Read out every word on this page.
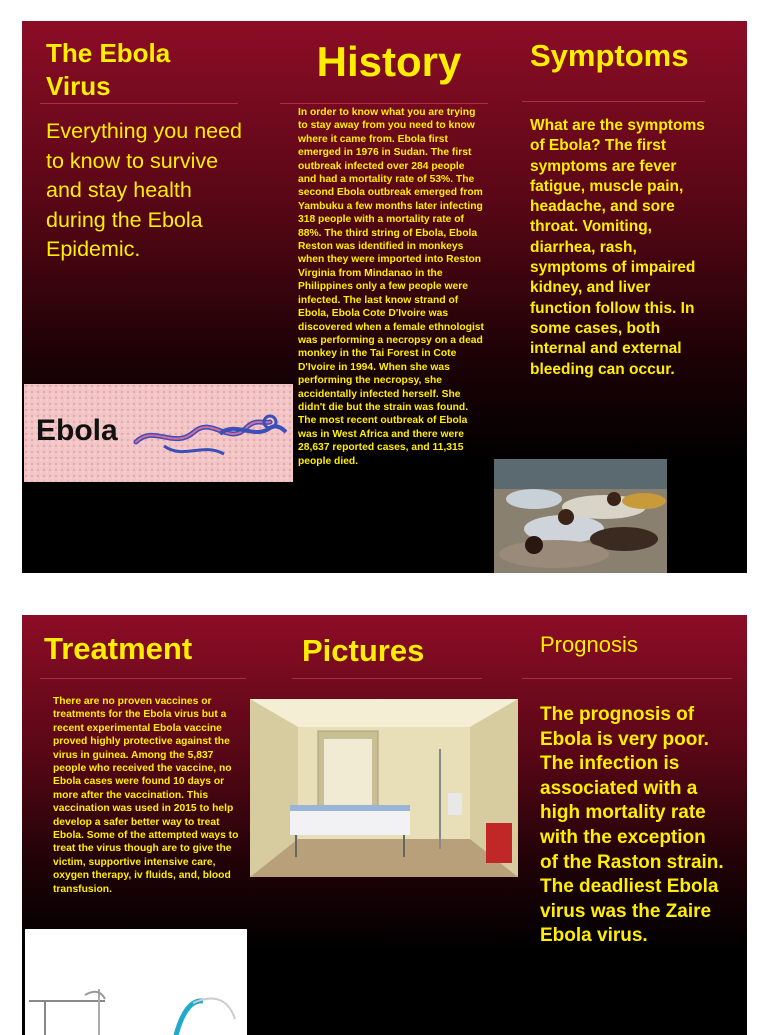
The Ebola Virus

Everything you need to know to survive and stay health during the Ebola Epidemic.

Ebola
History

In order to know what you are trying to stay away from you need to know where it came from. Ebola first emerged in 1976 in Sudan. The first outbreak infected over 284 people and had a mortality rate of 53%. The second Ebola outbreak emerged from Yambuku a few months later infecting 318 people with a mortality rate of 88%. The third string of Ebola, Ebola Reston was identified in monkeys when they were imported into Reston Virginia from Mindanao in the Philippines only a few people were infected. The last know strand of Ebola, Ebola Cote D'Ivoire was discovered when a female ethnologist was performing a necropsy on a dead monkey in the Tai Forest in Cote D'Ivoire in 1994. When she was performing the necropsy, she accidentally infected herself. She didn't die but the strain was found. The most recent outbreak of Ebola was in West Africa and there were 28,637 reported cases, and 11,315 people died.

Symptoms

What are the symptoms of Ebola? The first symptoms are fever fatigue, muscle pain, headache, and sore throat. Vomiting, diarrhea, rash, symptoms of impaired kidney, and liver function follow this. In some cases, both internal and external bleeding can occur.

Treatment

There are no proven vaccines or treatments for the Ebola virus but a recent experimental Ebola vaccine proved highly protective against the virus in guinea. Among the 5,837 people who received the vaccine, no Ebola cases were found 10 days or more after the vaccination. This vaccination was used in 2015 to help develop a safer better way to treat Ebola. Some of the attempted ways to treat the virus though are to give the victim, supportive intensive care, oxygen therapy, iv fluids, and, blood transfusion.

Pictures	Prognosis

The prognosis of Ebola is very poor. The infection is associated with a high mortality rate with the exception of the Raston strain. The deadliest Ebola virus was the Zaire Ebola virus.
